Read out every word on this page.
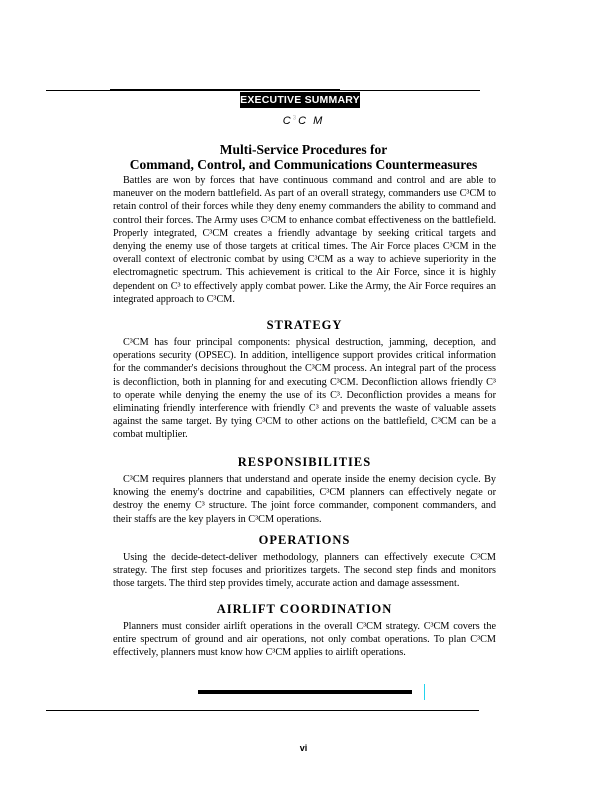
EXECUTIVE SUMMARY
$C^3C$ M
Multi-Service Procedures for
Command, Control, and Communications Countermeasures

Battles are won by forces that have continuous command and control and are able to maneuver on the modern battlefield. As part of an overall strategy, commanders use C³CM to retain control of their forces while they deny enemy commanders the ability to command and control their forces. The Army uses C³CM to enhance combat effectiveness on the battlefield. Properly integrated, C³CM creates a friendly advantage by seeking critical targets and denying the enemy use of those targets at critical times. The Air Force places C³CM in the overall context of electronic combat by using C³CM as a way to achieve superiority in the electromagnetic spectrum. This achievement is critical to the Air Force, since it is highly dependent on C³ to effectively apply combat power. Like the Army, the Air Force requires an integrated approach to C³CM.

STRATEGY

C³CM has four principal components: physical destruction, jamming, deception, and operations security (OPSEC). In addition, intelligence support provides critical information for the commander's decisions throughout the C³CM process. An integral part of the process is deconfliction, both in planning for and executing C³CM. Deconfliction allows friendly C³ to operate while denying the enemy the use of its C³. Deconfliction provides a means for eliminating friendly interference with friendly C³ and prevents the waste of valuable assets against the same target. By tying C³CM to other actions on the battlefield, C³CM can be a combat multiplier.

RESPONSIBILITIES

C³CM requires planners that understand and operate inside the enemy decision cycle. By knowing the enemy's doctrine and capabilities, C³CM planners can effectively negate or destroy the enemy C³ structure. The joint force commander, component commanders, and their staffs are the key players in C³CM operations.

OPERATIONS

Using the decide-detect-deliver methodology, planners can effectively execute C³CM strategy. The first step focuses and prioritizes targets. The second step finds and monitors those targets. The third step provides timely, accurate action and damage assessment.

AIRLIFT COORDINATION

Planners must consider airlift operations in the overall C³CM strategy. C³CM covers the entire spectrum of ground and air operations, not only combat operations. To plan C³CM effectively, planners must know how C³CM applies to airlift operations.

vi
